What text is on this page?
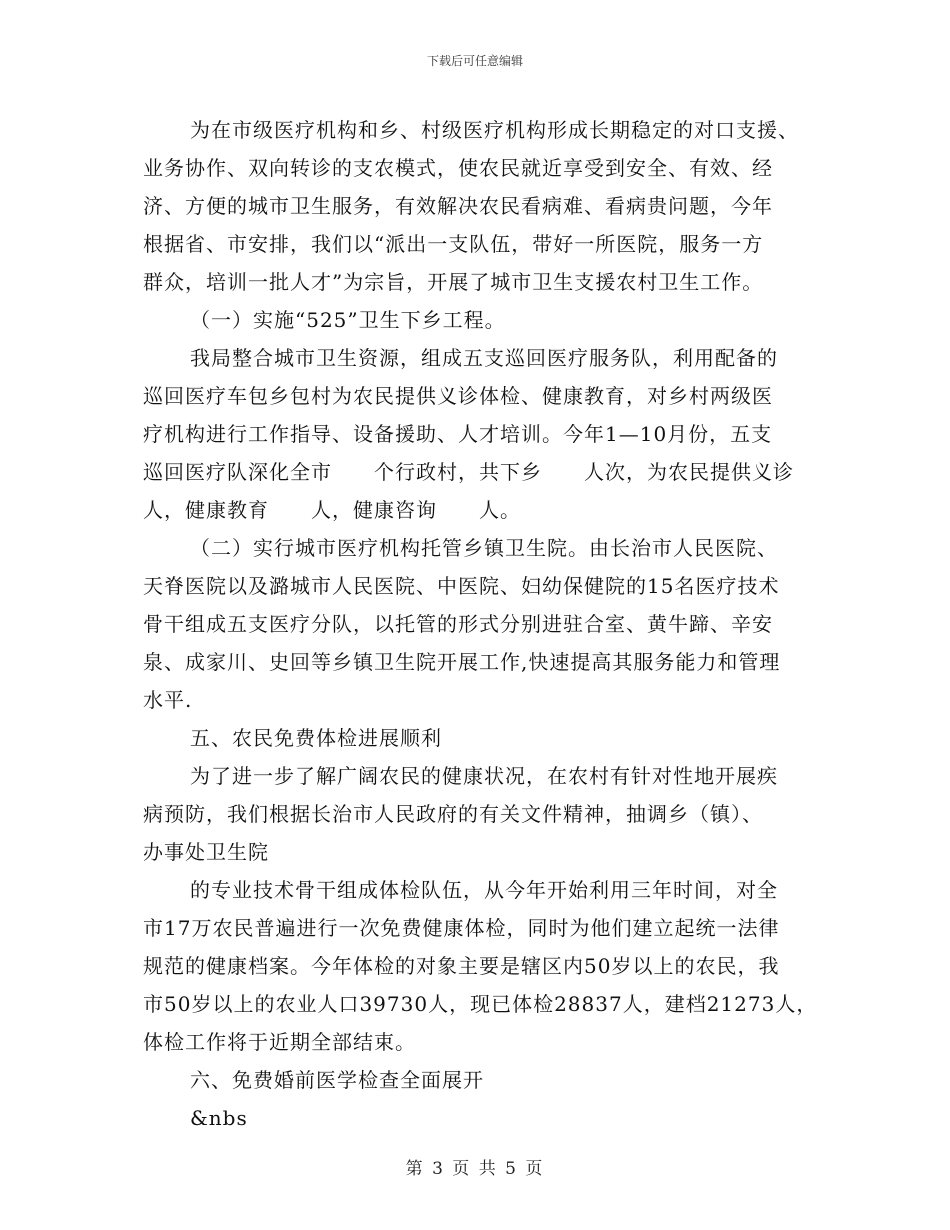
下载后可任意编辑
为在市级医疗机构和乡、村级医疗机构形成长期稳定的对口支援、
业务协作、双向转诊的支农模式，使农民就近享受到安全、有效、经
济、方便的城市卫生服务，有效解决农民看病难、看病贵问题，今年
根据省、市安排，我们以“派出一支队伍，带好一所医院，服务一方
群众，培训一批人才”为宗旨，开展了城市卫生支援农村卫生工作。
（一）实施“525”卫生下乡工程。
我局整合城市卫生资源，组成五支巡回医疗服务队，利用配备的
巡回医疗车包乡包村为农民提供义诊体检、健康教育，对乡村两级医
疗机构进行工作指导、设备援助、人才培训。今年1—10月份，五支
巡回医疗队深化全市　　个行政村，共下乡　　人次，为农民提供义诊
人，健康教育　　人，健康咨询　　人。
（二）实行城市医疗机构托管乡镇卫生院。由长治市人民医院、
天脊医院以及潞城市人民医院、中医院、妇幼保健院的15名医疗技术
骨干组成五支医疗分队，以托管的形式分别进驻合室、黄牛蹄、辛安
泉、成家川、史回等乡镇卫生院开展工作,快速提高其服务能力和管理
水平.
五、农民免费体检进展顺利
为了进一步了解广阔农民的健康状况，在农村有针对性地开展疾
病预防，我们根据长治市人民政府的有关文件精神，抽调乡（镇）、
办事处卫生院
的专业技术骨干组成体检队伍，从今年开始利用三年时间，对全
市17万农民普遍进行一次免费健康体检，同时为他们建立起统一法律
规范的健康档案。今年体检的对象主要是辖区内50岁以上的农民，我
市50岁以上的农业人口39730人，现已体检28837人，建档21273人，
体检工作将于近期全部结束。
六、免费婚前医学检查全面展开
&nbs
第 3 页 共 5 页
